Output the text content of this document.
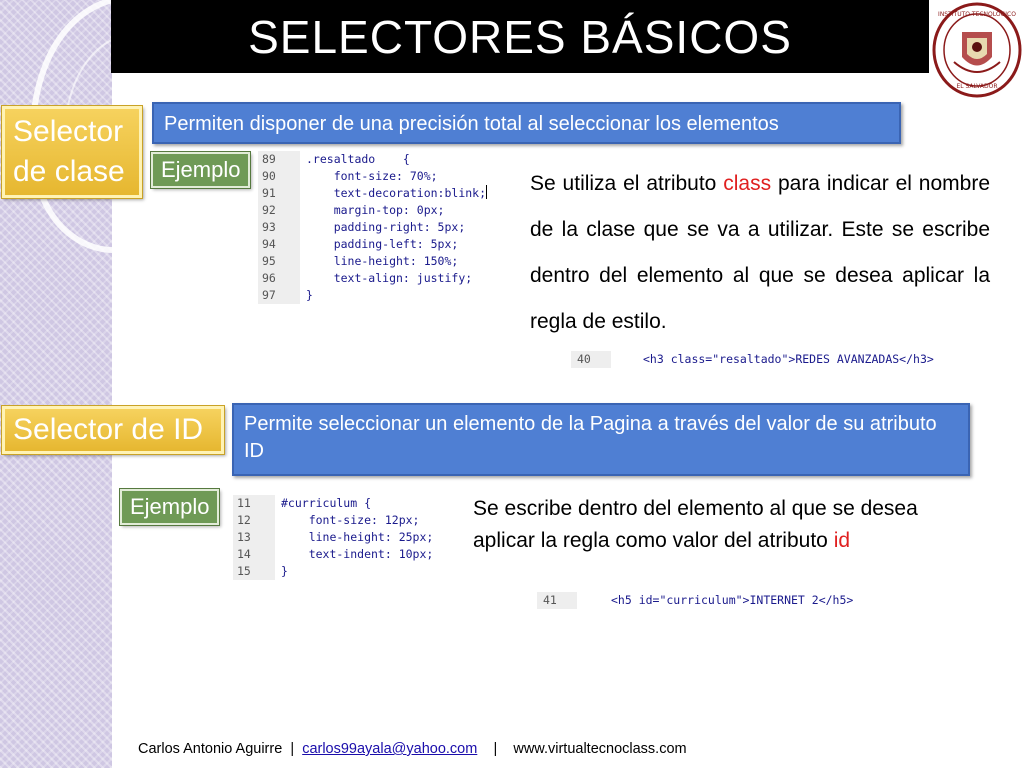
SELECTORES BÁSICOS	INSTITUTO TECNOLÓGICO
EL SALVADOR
Selector
de clase
Permiten disponer de una precisión total al seleccionar los elementos
Ejemplo	89	.resaltado    {
90	font-size: 70%;
91	text-decoration:blink;
92	margin-top: 0px;
93	padding-right: 5px;
94	padding-left: 5px;
95	line-height: 150%;
96	text-align: justify;
97	}
Se utiliza el atributo class para indicar el nombre de la clase que se va a utilizar. Este se escribe dentro del elemento al que se desea aplicar la regla de estilo.
40	<h3 class="resaltado">REDES AVANZADAS</h3>
Selector de ID	Permite seleccionar un elemento de la Pagina a través del valor de su atributo ID
Ejemplo	11	#curriculum {
12	font-size: 12px;
13	line-height: 25px;
14	text-indent: 10px;
15	}
Se escribe dentro del elemento al que se desea aplicar la regla como valor del atributo id
41	<h5 id="curriculum">INTERNET 2</h5>
Carlos Antonio Aguirre | carlos99ayala@yahoo.com | www.virtualtecnoclass.com
